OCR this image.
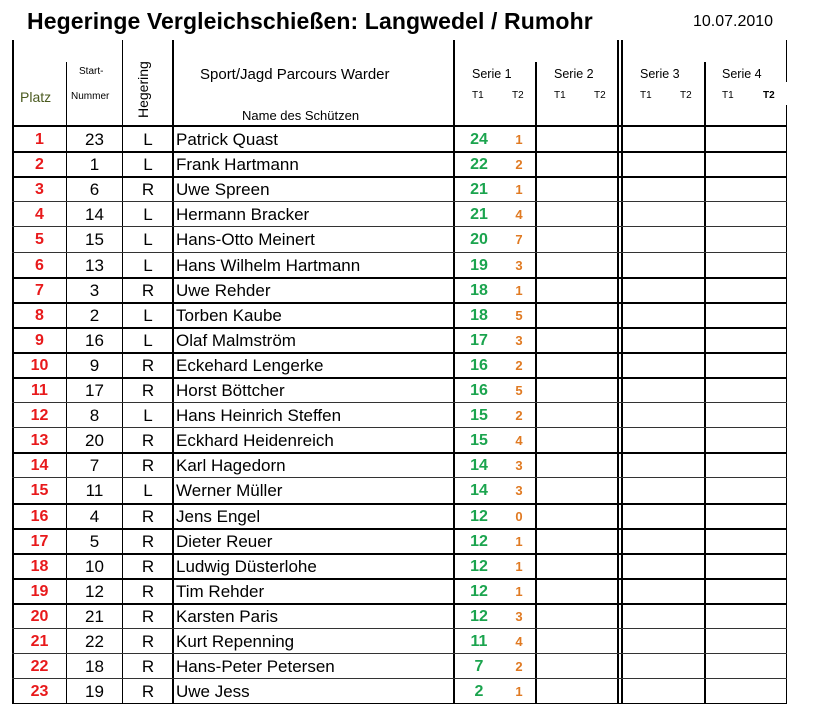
Hegeringe Vergleichschießen: Langwedel / Rumohr	10.07.2010
Platz
Start-
Nummer Hegering	Sport/Jagd Parcours Warder
Name des Schützen
Serie 1
T1	T2
Serie 2
T1	T2
Serie 3
T1	T2
Serie 4
T1	T2
1	23	L	Patrick Quast	24	1
2	1	L	Frank Hartmann	22	2
3	6	R	Uwe Spreen	21	1
4	14	L	Hermann Bracker	21	4
5	15	L	Hans-Otto Meinert	20	7
6	13	L	Hans Wilhelm Hartmann	19	3
7	3	R	Uwe Rehder	18	1
8	2	L	Torben Kaube	18	5
9	16	L	Olaf Malmström	17	3
10	9	R	Eckehard Lengerke	16	2
11	17	R	Horst Böttcher	16	5
12	8	L	Hans Heinrich Steffen	15	2
13	20	R	Eckhard Heidenreich	15	4
14	7	R	Karl Hagedorn	14	3
15	11	L	Werner Müller	14	3
16	4	R	Jens Engel	12	0
17	5	R	Dieter Reuer	12	1
18	10	R	Ludwig Düsterlohe	12	1
19	12	R	Tim Rehder	12	1
20	21	R	Karsten Paris	12	3
21	22	R	Kurt Repenning	11	4
22	18	R	Hans-Peter Petersen	7	2
23	19	R	Uwe Jess	2	1
